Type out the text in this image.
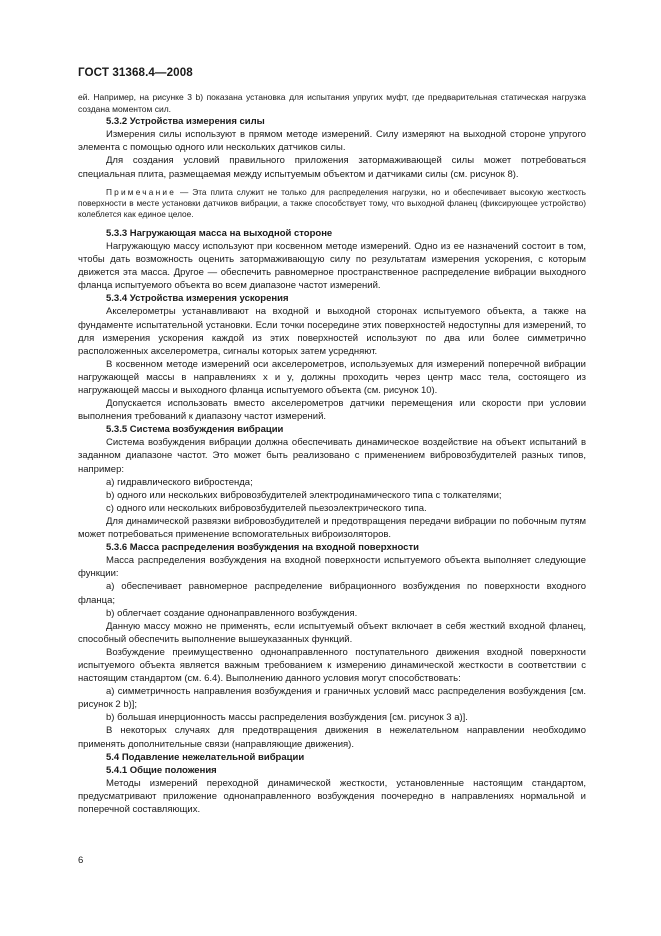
ГОСТ 31368.4—2008

ей. Например, на рисунке 3 b) показана установка для испытания упругих муфт, где предварительная статическая нагрузка создана моментом сил.

5.3.2 Устройства измерения силы

Измерения силы используют в прямом методе измерений. Силу измеряют на выходной стороне упругого элемента с помощью одного или нескольких датчиков силы.

Для создания условий правильного приложения затормаживающей силы может потребоваться специальная плита, размещаемая между испытуемым объектом и датчиками силы (см. рисунок 8).

Примечание — Эта плита служит не только для распределения нагрузки, но и обеспечивает высокую жесткость поверхности в месте установки датчиков вибрации, а также способствует тому, что выходной фланец (фиксирующее устройство) колеблется как единое целое.

5.3.3 Нагружающая масса на выходной стороне

Нагружающую массу используют при косвенном методе измерений. Одно из ее назначений состоит в том, чтобы дать возможность оценить затормаживающую силу по результатам измерения ускорения, с которым движется эта масса. Другое — обеспечить равномерное пространственное распределение вибрации выходного фланца испытуемого объекта во всем диапазоне частот измерений.

5.3.4 Устройства измерения ускорения

Акселерометры устанавливают на входной и выходной сторонах испытуемого объекта, а также на фундаменте испытательной установки. Если точки посередине этих поверхностей недоступны для измерений, то для измерения ускорения каждой из этих поверхностей используют по два или более симметрично расположенных акселерометра, сигналы которых затем усредняют.

В косвенном методе измерений оси акселерометров, используемых для измерений поперечной вибрации нагружающей массы в направлениях x и y, должны проходить через центр масс тела, состоящего из нагружающей массы и выходного фланца испытуемого объекта (см. рисунок 10).

Допускается использовать вместо акселерометров датчики перемещения или скорости при условии выполнения требований к диапазону частот измерений.

5.3.5 Система возбуждения вибрации

Система возбуждения вибрации должна обеспечивать динамическое воздействие на объект испытаний в заданном диапазоне частот. Это может быть реализовано с применением вибровозбудителей разных типов, например:

a) гидравлического вибростенда;

b) одного или нескольких вибровозбудителей электродинамического типа с толкателями;

c) одного или нескольких вибровозбудителей пьезоэлектрического типа.

Для динамической развязки вибровозбудителей и предотвращения передачи вибрации по побочным путям может потребоваться применение вспомогательных виброизоляторов.

5.3.6 Масса распределения возбуждения на входной поверхности

Масса распределения возбуждения на входной поверхности испытуемого объекта выполняет следующие функции:

a) обеспечивает равномерное распределение вибрационного возбуждения по поверхности входного фланца;

b) облегчает создание однонаправленного возбуждения.

Данную массу можно не применять, если испытуемый объект включает в себя жесткий входной фланец, способный обеспечить выполнение вышеуказанных функций.

Возбуждение преимущественно однонаправленного поступательного движения входной поверхности испытуемого объекта является важным требованием к измерению динамической жесткости в соответствии с настоящим стандартом (см. 6.4). Выполнению данного условия могут способствовать:

a) симметричность направления возбуждения и граничных условий масс распределения возбуждения [см. рисунок 2 b)];

b) большая инерционность массы распределения возбуждения [см. рисунок 3 a)].

В некоторых случаях для предотвращения движения в нежелательном направлении необходимо применять дополнительные связи (направляющие движения).

5.4 Подавление нежелательной вибрации

5.4.1 Общие положения

Методы измерений переходной динамической жесткости, установленные настоящим стандартом, предусматривают приложение однонаправленного возбуждения поочередно в направлениях нормальной и поперечной составляющих.

6
